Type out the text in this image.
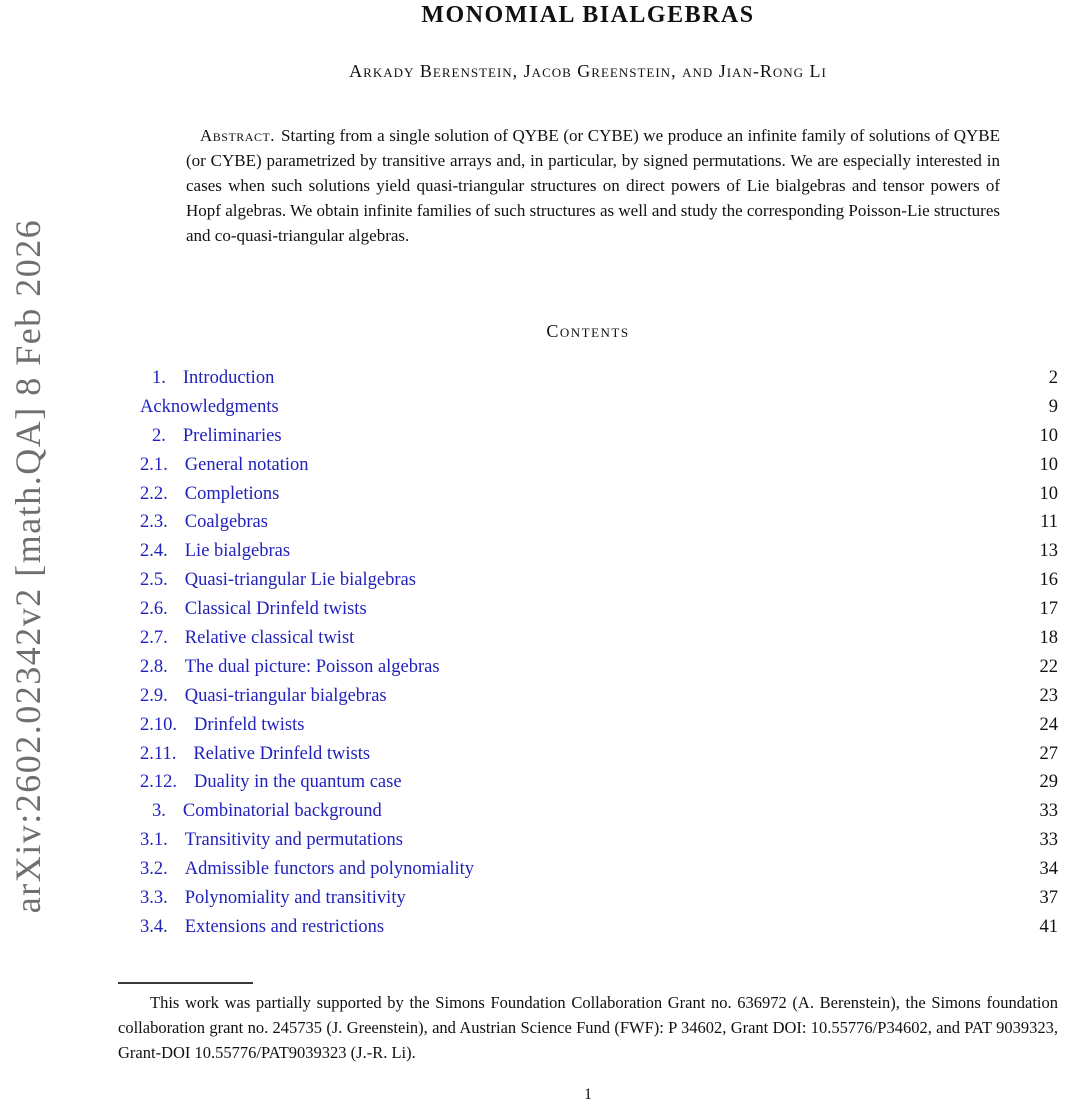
arXiv:2602.02342v2 [math.QA] 8 Feb 2026
MONOMIAL BIALGEBRAS
Arkady Berenstein, Jacob Greenstein, and Jian-Rong Li

Abstract. Starting from a single solution of QYBE (or CYBE) we produce an infinite family of solutions of QYBE (or CYBE) parametrized by transitive arrays and, in particular, by signed permutations. We are especially interested in cases when such solutions yield quasi-triangular structures on direct powers of Lie bialgebras and tensor powers of Hopf algebras. We obtain infinite families of such structures as well and study the corresponding Poisson-Lie structures and co-quasi-triangular algebras.

Contents
1. Introduction	2
Acknowledgments	9
2. Preliminaries	10
2.1. General notation	10
2.2. Completions	10
2.3. Coalgebras	11
2.4. Lie bialgebras	13
2.5. Quasi-triangular Lie bialgebras	16
2.6. Classical Drinfeld twists	17
2.7. Relative classical twist	18
2.8. The dual picture: Poisson algebras	22
2.9. Quasi-triangular bialgebras	23
2.10. Drinfeld twists	24
2.11. Relative Drinfeld twists	27
2.12. Duality in the quantum case	29
3. Combinatorial background	33
3.1. Transitivity and permutations	33
3.2. Admissible functors and polynomiality	34
3.3. Polynomiality and transitivity	37
3.4. Extensions and restrictions	41
This work was partially supported by the Simons Foundation Collaboration Grant no. 636972 (A. Berenstein), the Simons foundation collaboration grant no. 245735 (J. Greenstein), and Austrian Science Fund (FWF): P 34602, Grant DOI: 10.55776/P34602, and PAT 9039323, Grant-DOI 10.55776/PAT9039323 (J.-R. Li).
1
